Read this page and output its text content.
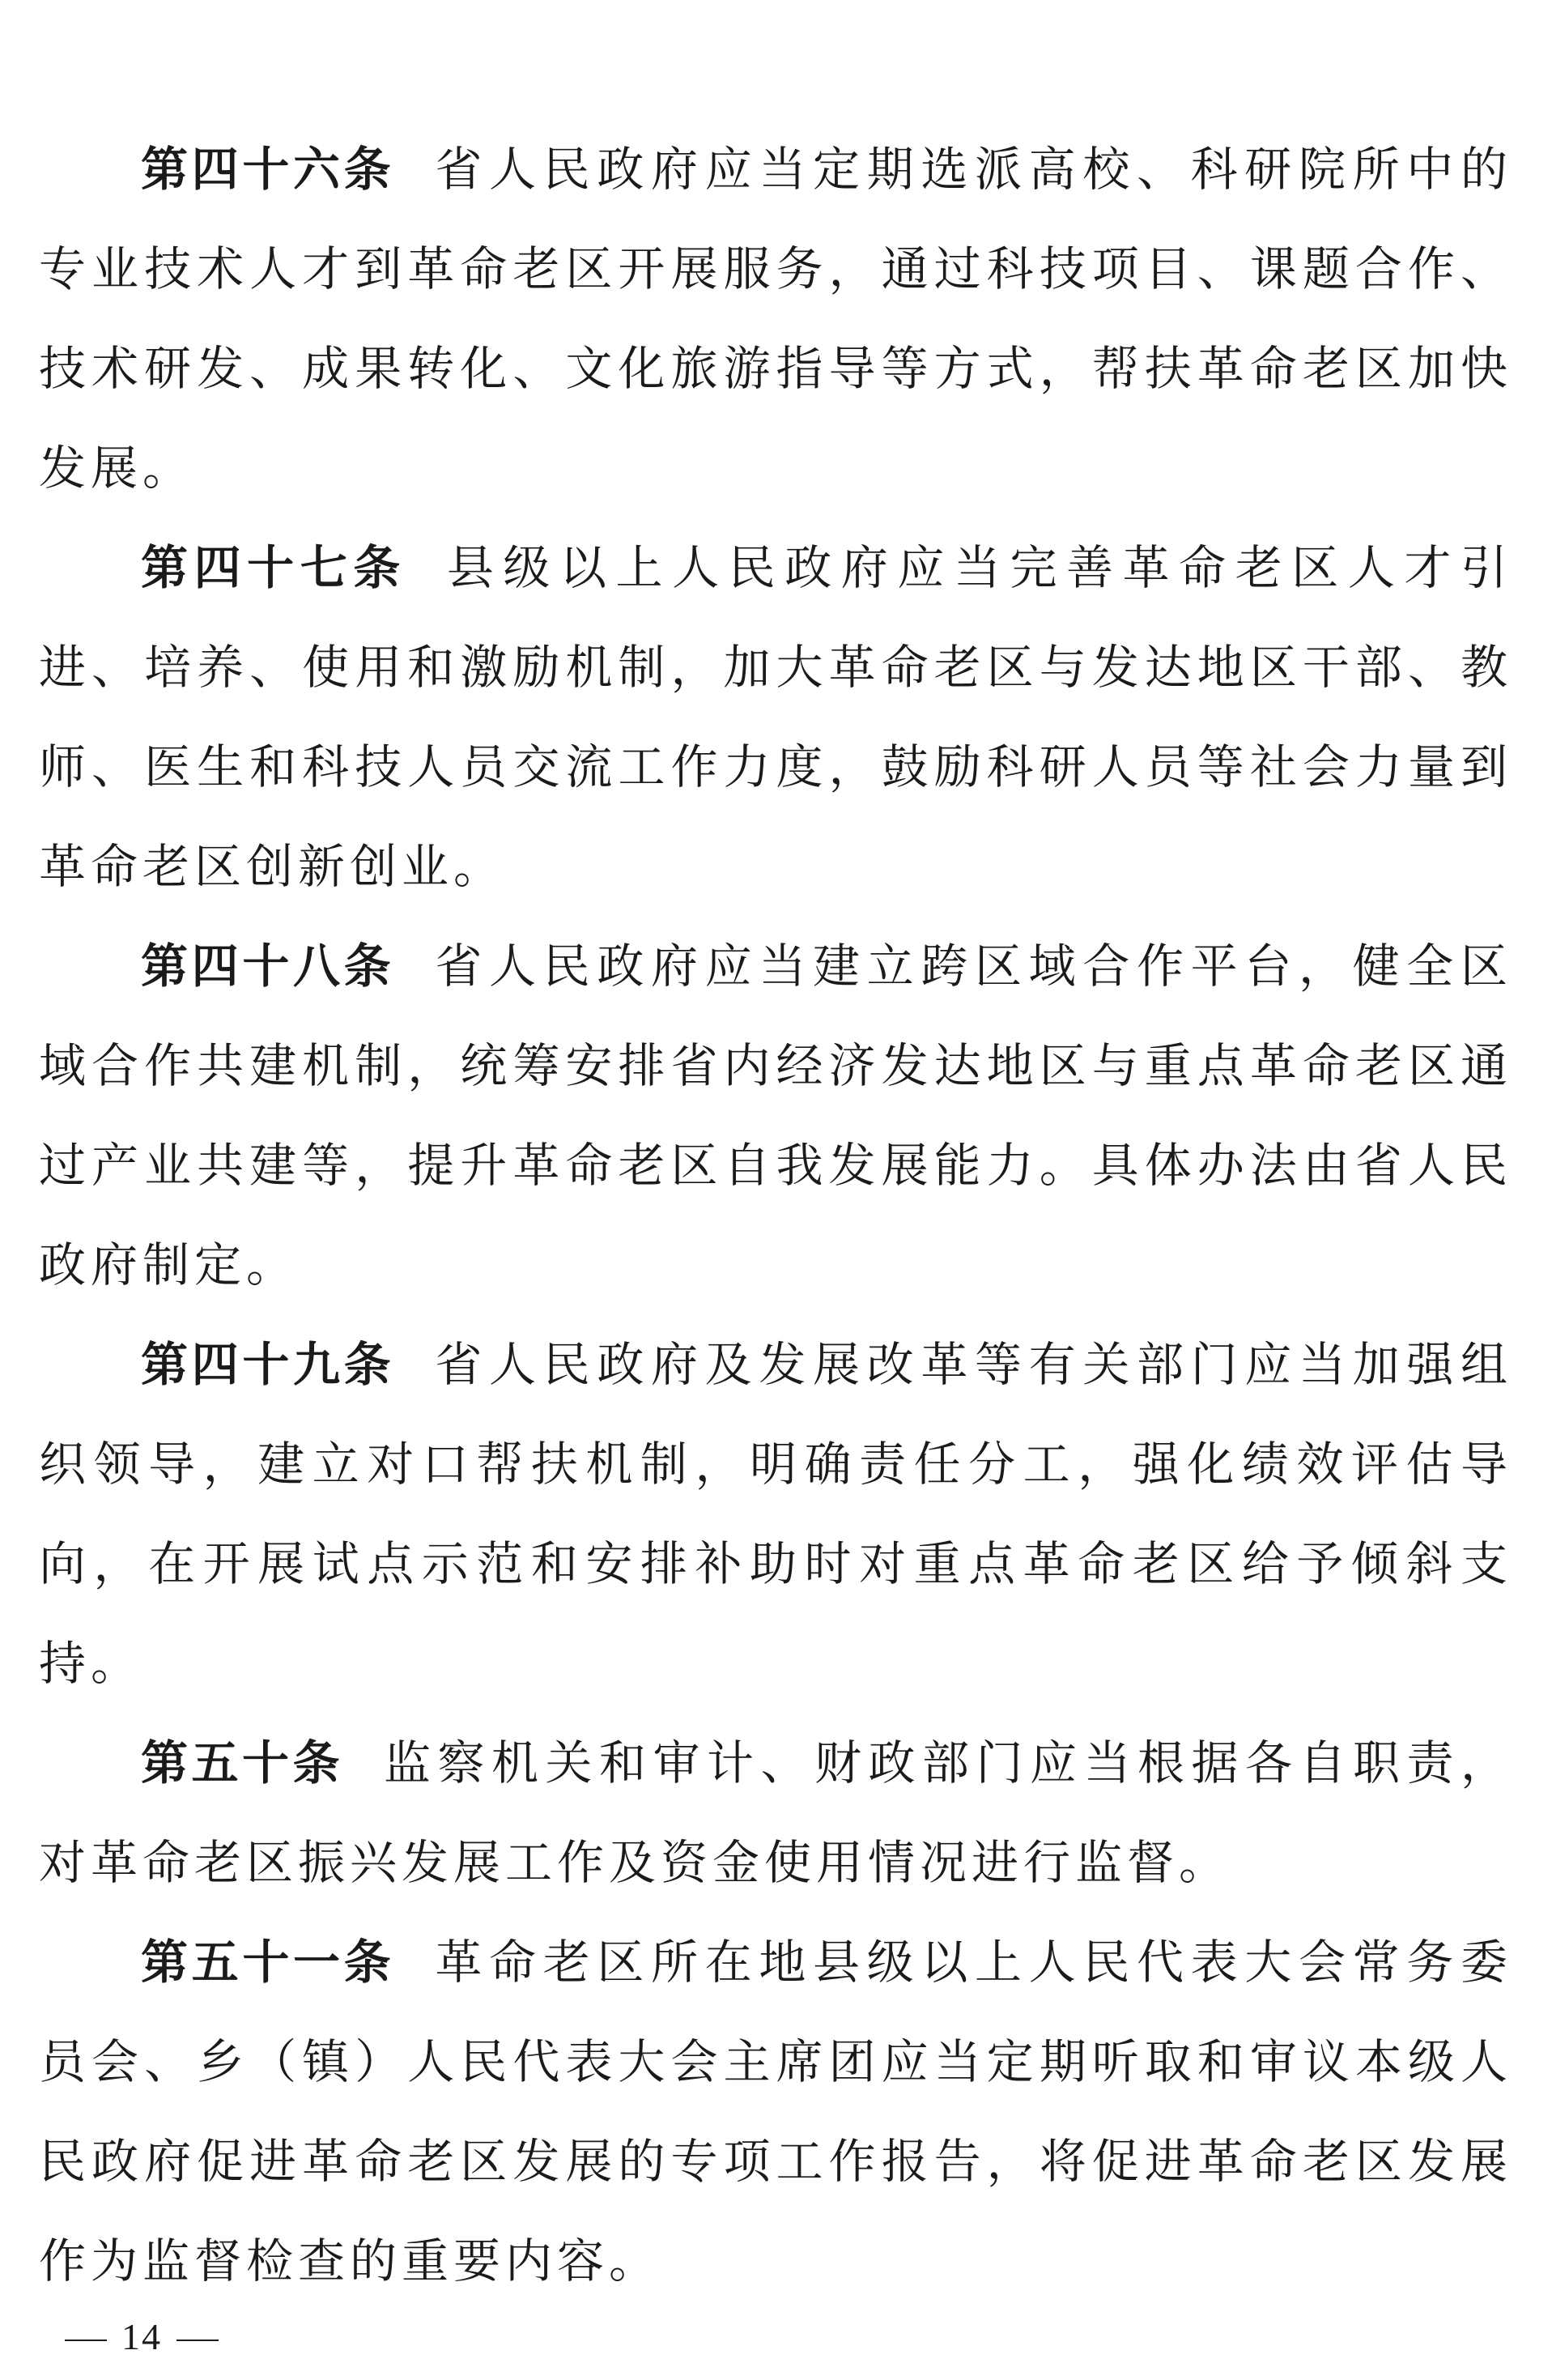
第四十六条 省人民政府应当定期选派高校、科研院所中的专业技术人才到革命老区开展服务，通过科技项目、课题合作、技术研发、成果转化、文化旅游指导等方式，帮扶革命老区加快发展。

第四十七条 县级以上人民政府应当完善革命老区人才引进、培养、使用和激励机制，加大革命老区与发达地区干部、教师、医生和科技人员交流工作力度，鼓励科研人员等社会力量到革命老区创新创业。

第四十八条 省人民政府应当建立跨区域合作平台，健全区域合作共建机制，统筹安排省内经济发达地区与重点革命老区通过产业共建等，提升革命老区自我发展能力。具体办法由省人民政府制定。

第四十九条 省人民政府及发展改革等有关部门应当加强组织领导，建立对口帮扶机制，明确责任分工，强化绩效评估导向，在开展试点示范和安排补助时对重点革命老区给予倾斜支持。

第五十条 监察机关和审计、财政部门应当根据各自职责，对革命老区振兴发展工作及资金使用情况进行监督。

第五十一条 革命老区所在地县级以上人民代表大会常务委员会、乡（镇）人民代表大会主席团应当定期听取和审议本级人民政府促进革命老区发展的专项工作报告，将促进革命老区发展作为监督检查的重要内容。

14
